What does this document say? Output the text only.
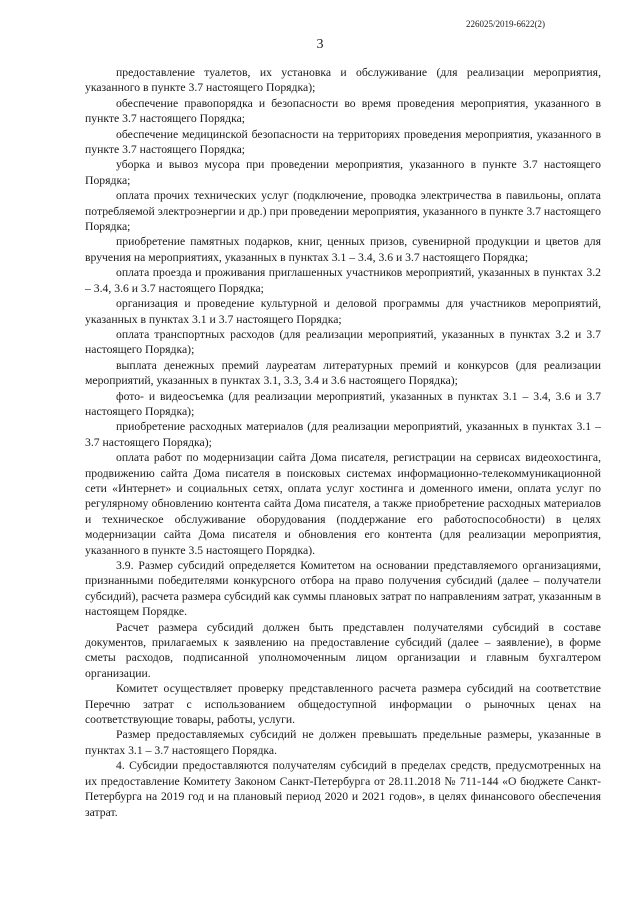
226025/2019-6622(2)
3

предоставление туалетов, их установка и обслуживание (для реализации мероприятия, указанного в пункте 3.7 настоящего Порядка);

обеспечение правопорядка и безопасности во время проведения мероприятия, указанного в пункте 3.7 настоящего Порядка;

обеспечение медицинской безопасности на территориях проведения мероприятия, указанного в пункте 3.7 настоящего Порядка;

уборка и вывоз мусора при проведении мероприятия, указанного в пункте 3.7 настоящего Порядка;

оплата прочих технических услуг (подключение, проводка электричества в павильоны, оплата потребляемой электроэнергии и др.) при проведении мероприятия, указанного в пункте 3.7 настоящего Порядка;

приобретение памятных подарков, книг, ценных призов, сувенирной продукции и цветов для вручения на мероприятиях, указанных в пунктах 3.1 – 3.4, 3.6 и 3.7 настоящего Порядка;

оплата проезда и проживания приглашенных участников мероприятий, указанных в пунктах 3.2 – 3.4, 3.6 и 3.7 настоящего Порядка;

организация и проведение культурной и деловой программы для участников мероприятий, указанных в пунктах 3.1 и 3.7 настоящего Порядка;

оплата транспортных расходов (для реализации мероприятий, указанных в пунктах 3.2 и 3.7 настоящего Порядка);

выплата денежных премий лауреатам литературных премий и конкурсов (для реализации мероприятий, указанных в пунктах 3.1, 3.3, 3.4 и 3.6 настоящего Порядка);

фото- и видеосъемка (для реализации мероприятий, указанных в пунктах 3.1 – 3.4, 3.6 и 3.7 настоящего Порядка);

приобретение расходных материалов (для реализации мероприятий, указанных в пунктах 3.1 – 3.7 настоящего Порядка);

оплата работ по модернизации сайта Дома писателя, регистрации на сервисах видеохостинга, продвижению сайта Дома писателя в поисковых системах информационно-телекоммуникационной сети «Интернет» и социальных сетях, оплата услуг хостинга и доменного имени, оплата услуг по регулярному обновлению контента сайта Дома писателя, а также приобретение расходных материалов и техническое обслуживание оборудования (поддержание его работоспособности) в целях модернизации сайта Дома писателя и обновления его контента (для реализации мероприятия, указанного в пункте 3.5 настоящего Порядка).

3.9. Размер субсидий определяется Комитетом на основании представляемого организациями, признанными победителями конкурсного отбора на право получения субсидий (далее – получатели субсидий), расчета размера субсидий как суммы плановых затрат по направлениям затрат, указанным в настоящем Порядке.

Расчет размера субсидий должен быть представлен получателями субсидий в составе документов, прилагаемых к заявлению на предоставление субсидий (далее – заявление), в форме сметы расходов, подписанной уполномоченным лицом организации и главным бухгалтером организации.

Комитет осуществляет проверку представленного расчета размера субсидий на соответствие Перечню затрат с использованием общедоступной информации о рыночных ценах на соответствующие товары, работы, услуги.

Размер предоставляемых субсидий не должен превышать предельные размеры, указанные в пунктах 3.1 – 3.7 настоящего Порядка.

4. Субсидии предоставляются получателям субсидий в пределах средств, предусмотренных на их предоставление Комитету Законом Санкт-Петербурга от 28.11.2018 № 711-144 «О бюджете Санкт-Петербурга на 2019 год и на плановый период 2020 и 2021 годов», в целях финансового обеспечения затрат.
